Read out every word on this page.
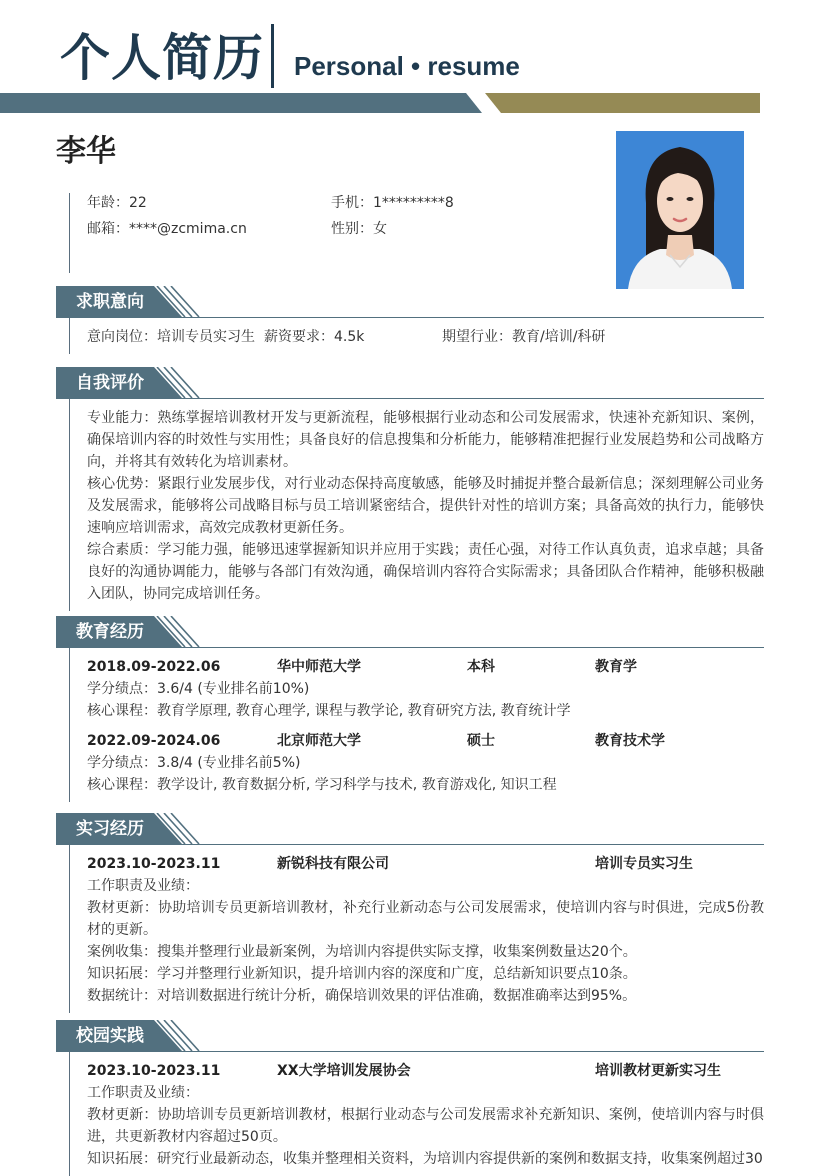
个人简历 Personal • resume
李华
年龄：22	手机：1*********8
邮箱：****@zcmima.cn	性别：女
求职意向
意向岗位：培训专员实习生 薪资要求：4.5k	期望行业：教育/培训/科研
自我评价
专业能力：熟练掌握培训教材开发与更新流程，能够根据行业动态和公司发展需求，快速补充新知识、案例，确保培训内容的时效性与实用性；具备良好的信息搜集和分析能力，能够精准把握行业发展趋势和公司战略方向，并将其有效转化为培训素材。
核心优势：紧跟行业发展步伐，对行业动态保持高度敏感，能够及时捕捉并整合最新信息；深刻理解公司业务及发展需求，能够将公司战略目标与员工培训紧密结合，提供针对性的培训方案；具备高效的执行力，能够快速响应培训需求，高效完成教材更新任务。
综合素质：学习能力强，能够迅速掌握新知识并应用于实践；责任心强，对待工作认真负责，追求卓越；具备良好的沟通协调能力，能够与各部门有效沟通，确保培训内容符合实际需求；具备团队合作精神，能够积极融入团队，协同完成培训任务。
教育经历
2018.09-2022.06	华中师范大学	本科	教育学
学分绩点：3.6/4 (专业排名前10%)
核心课程：教育学原理, 教育心理学, 课程与教学论, 教育研究方法, 教育统计学
2022.09-2024.06	北京师范大学	硕士	教育技术学
学分绩点：3.8/4 (专业排名前5%)
核心课程：教学设计, 教育数据分析, 学习科学与技术, 教育游戏化, 知识工程
实习经历
2023.10-2023.11	新锐科技有限公司	培训专员实习生
工作职责及业绩：
教材更新：协助培训专员更新培训教材，补充行业新动态与公司发展需求，使培训内容与时俱进，完成5份教材的更新。
案例收集：搜集并整理行业最新案例，为培训内容提供实际支撑，收集案例数量达20个。
知识拓展：学习并整理行业新知识，提升培训内容的深度和广度，总结新知识要点10条。
数据统计：对培训数据进行统计分析，确保培训效果的评估准确，数据准确率达到95%。
校园实践
2023.10-2023.11	XX大学培训发展协会	培训教材更新实习生
工作职责及业绩：
教材更新：协助培训专员更新培训教材，根据行业动态与公司发展需求补充新知识、案例，使培训内容与时俱进，共更新教材内容超过50页。
知识拓展：研究行业最新动态，收集并整理相关资料，为培训内容提供新的案例和数据支持，收集案例超过30
